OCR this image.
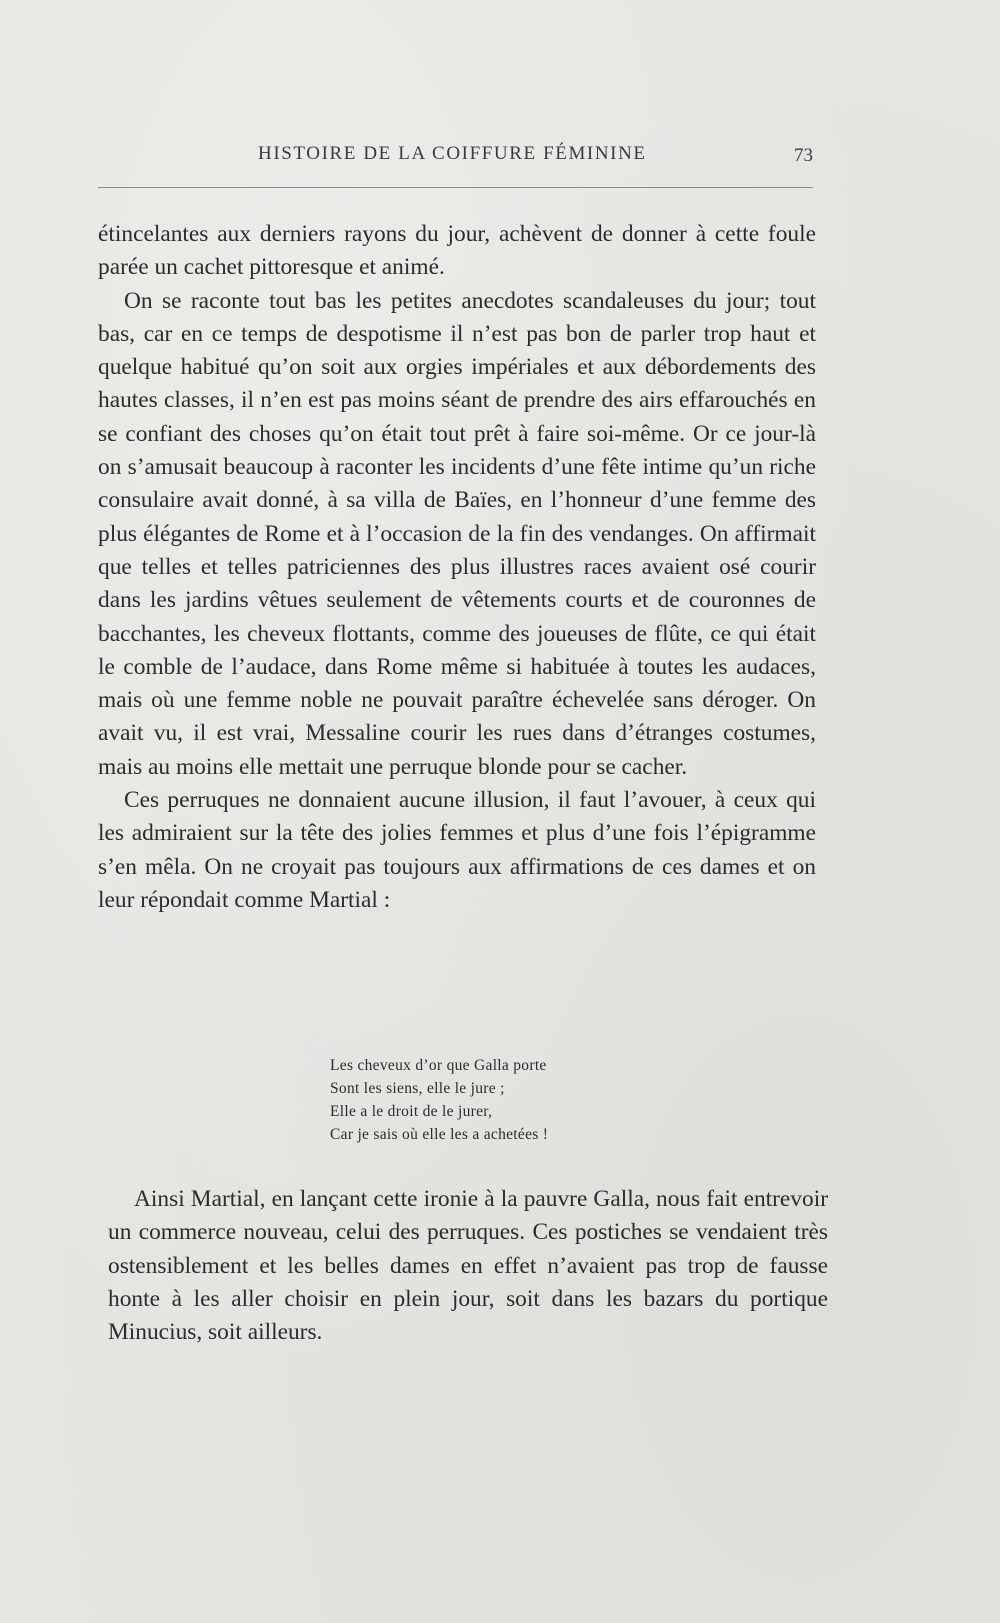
HISTOIRE DE LA COIFFURE FÉMININE	73

étincelantes aux derniers rayons du jour, achèvent de donner à cette foule parée un cachet pittoresque et animé.

On se raconte tout bas les petites anecdotes scandaleuses du jour; tout bas, car en ce temps de despotisme il n’est pas bon de parler trop haut et quelque habitué qu’on soit aux orgies impériales et aux débordements des hautes classes, il n’en est pas moins séant de prendre des airs effarouchés en se confiant des choses qu’on était tout prêt à faire soi-même. Or ce jour-là on s’amusait beaucoup à raconter les incidents d’une fête intime qu’un riche consulaire avait donné, à sa villa de Baïes, en l’honneur d’une femme des plus élégantes de Rome et à l’occasion de la fin des vendanges. On affirmait que telles et telles patriciennes des plus illustres races avaient osé courir dans les jardins vêtues seulement de vêtements courts et de couronnes de bacchantes, les cheveux flottants, comme des joueuses de flûte, ce qui était le comble de l’audace, dans Rome même si habituée à toutes les audaces, mais où une femme noble ne pouvait paraître échevelée sans déroger. On avait vu, il est vrai, Messaline courir les rues dans d’étranges costumes, mais au moins elle mettait une perruque blonde pour se cacher.

Ces perruques ne donnaient aucune illusion, il faut l’avouer, à ceux qui les admiraient sur la tête des jolies femmes et plus d’une fois l’épigramme s’en mêla. On ne croyait pas toujours aux affirmations de ces dames et on leur répondait comme Martial :

Les cheveux d’or que Galla porte
Sont les siens, elle le jure ;
Elle a le droit de le jurer,
Car je sais où elle les a achetées !

Ainsi Martial, en lançant cette ironie à la pauvre Galla, nous fait entrevoir un commerce nouveau, celui des perruques. Ces postiches se vendaient très ostensiblement et les belles dames en effet n’avaient pas trop de fausse honte à les aller choisir en plein jour, soit dans les bazars du portique Minucius, soit ailleurs.
